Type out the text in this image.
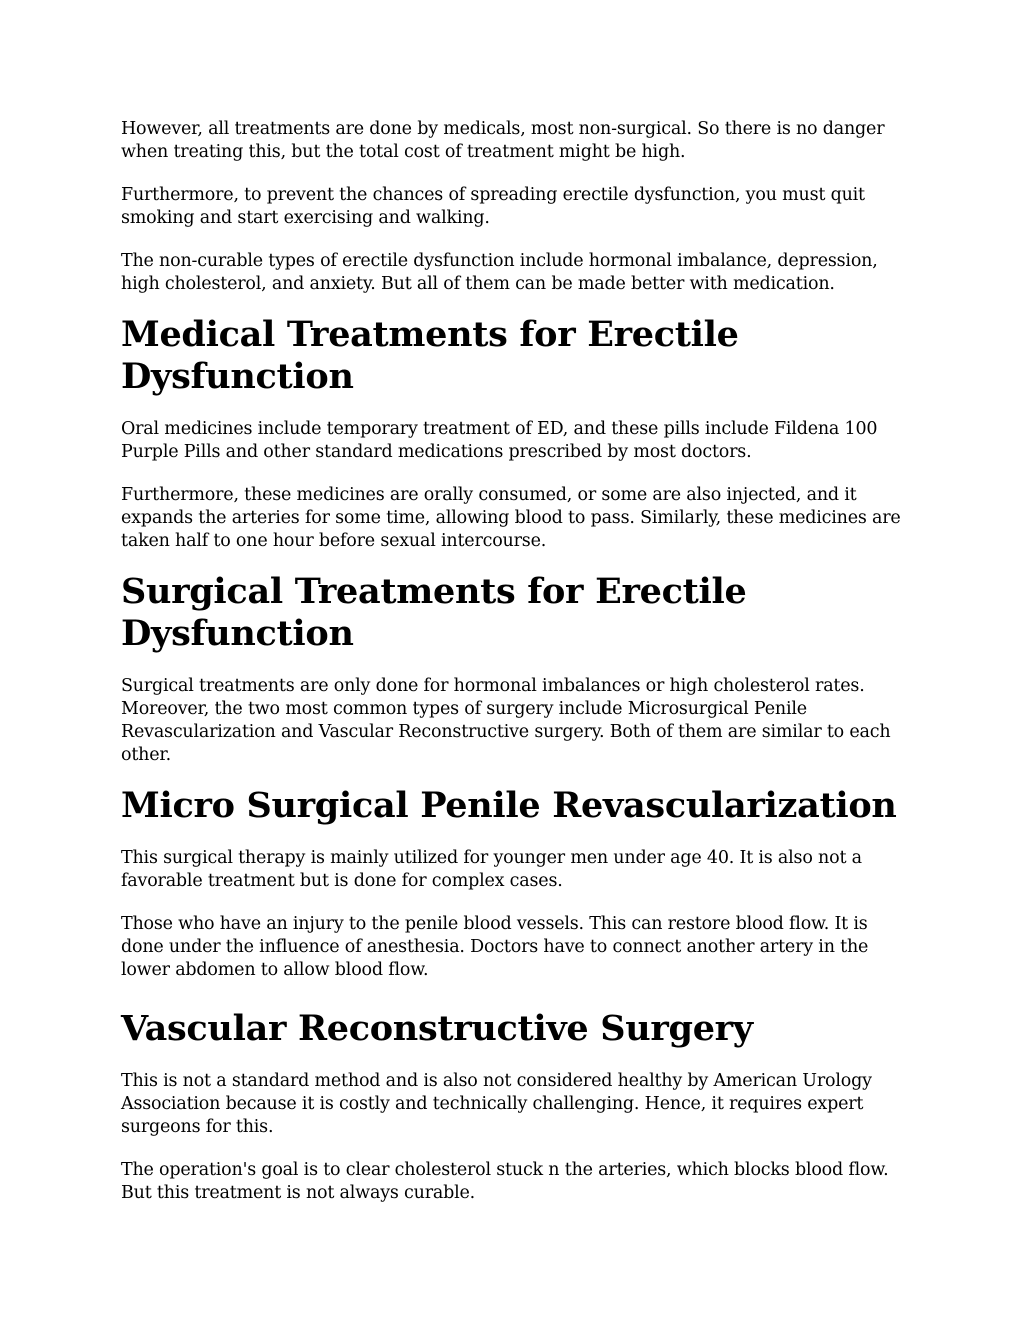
However, all treatments are done by medicals, most non-surgical. So there is no danger when treating this, but the total cost of treatment might be high.

Furthermore, to prevent the chances of spreading erectile dysfunction, you must quit smoking and start exercising and walking.

The non-curable types of erectile dysfunction include hormonal imbalance, depression, high cholesterol, and anxiety. But all of them can be made better with medication.

Medical Treatments for Erectile Dysfunction

Oral medicines include temporary treatment of ED, and these pills include Fildena 100 Purple Pills and other standard medications prescribed by most doctors.

Furthermore, these medicines are orally consumed, or some are also injected, and it expands the arteries for some time, allowing blood to pass. Similarly, these medicines are taken half to one hour before sexual intercourse.

Surgical Treatments for Erectile Dysfunction

Surgical treatments are only done for hormonal imbalances or high cholesterol rates. Moreover, the two most common types of surgery include Microsurgical Penile Revascularization and Vascular Reconstructive surgery. Both of them are similar to each other.

Micro Surgical Penile Revascularization

This surgical therapy is mainly utilized for younger men under age 40. It is also not a favorable treatment but is done for complex cases.

Those who have an injury to the penile blood vessels. This can restore blood flow. It is done under the influence of anesthesia. Doctors have to connect another artery in the lower abdomen to allow blood flow.

Vascular Reconstructive Surgery

This is not a standard method and is also not considered healthy by American Urology Association because it is costly and technically challenging. Hence, it requires expert surgeons for this.

The operation's goal is to clear cholesterol stuck n the arteries, which blocks blood flow. But this treatment is not always curable.
